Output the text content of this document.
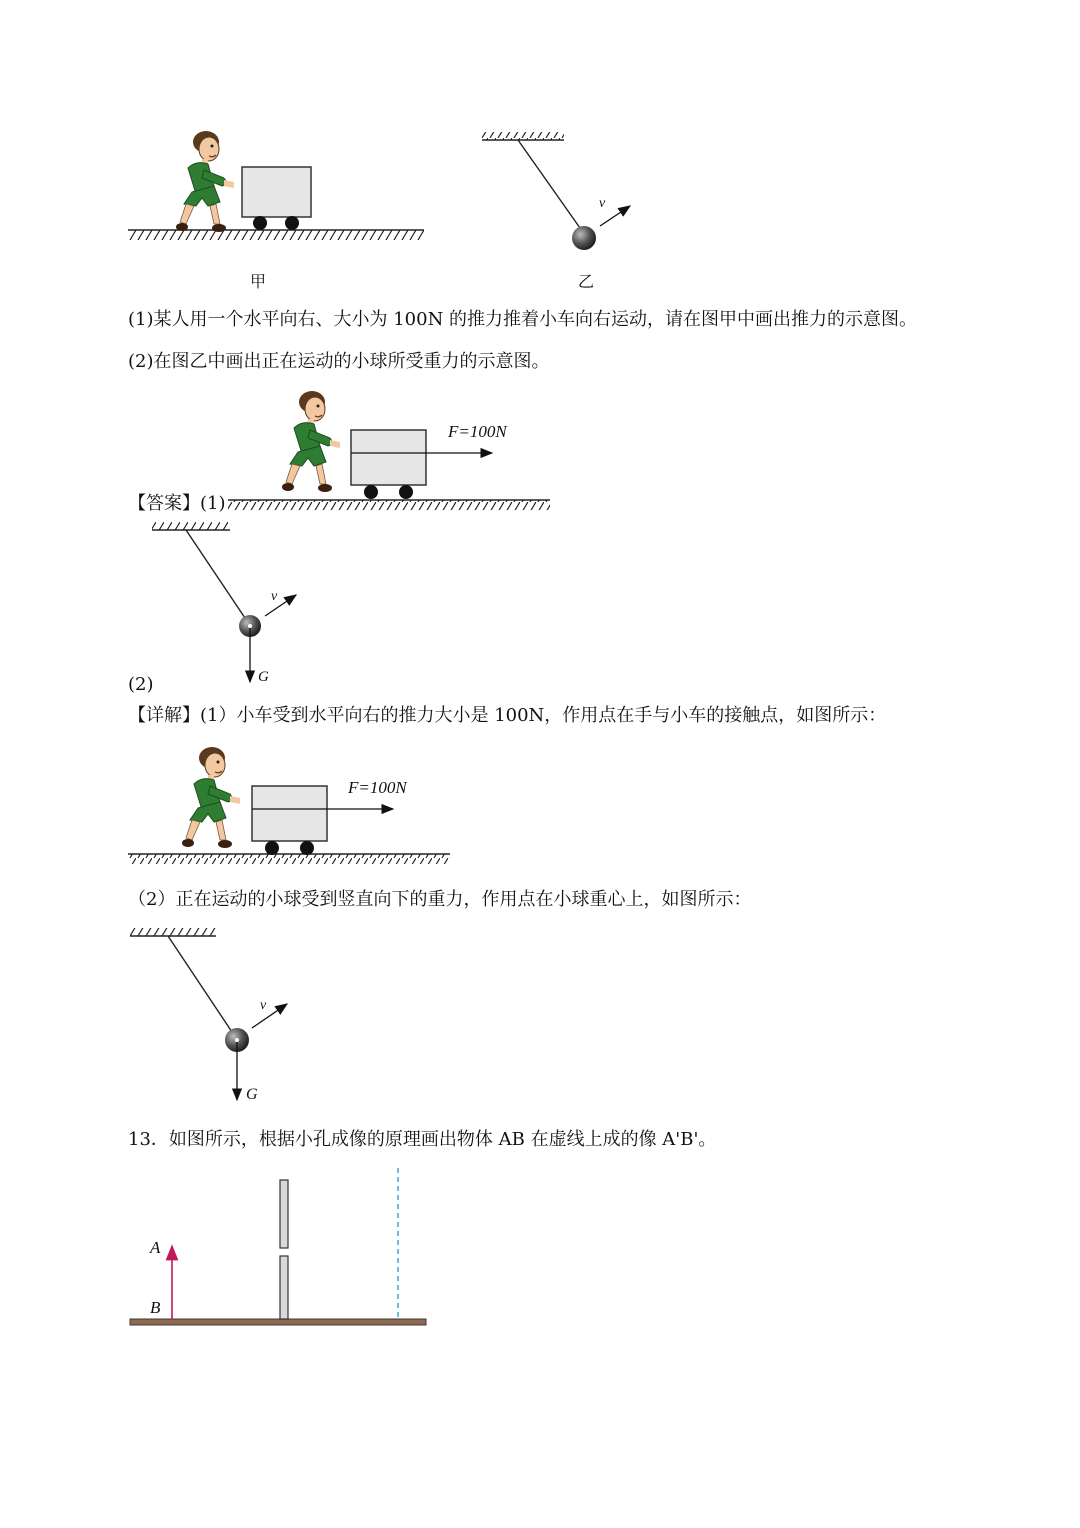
甲
v
乙
(1)某人用一个水平向右、大小为 100N 的推力推着小车向右运动，请在图甲中画出推力的示意图。
(2)在图乙中画出正在运动的小球所受重力的示意图。
F=100N
【答案】(1)
v
G
(2)
【详解】(1）小车受到水平向右的推力大小是 100N，作用点在手与小车的接触点，如图所示：
F=100N
（2）正在运动的小球受到竖直向下的重力，作用点在小球重心上，如图所示：
v
G
13．如图所示，根据小孔成像的原理画出物体 AB 在虚线上成的像 A'B'。
A
B
